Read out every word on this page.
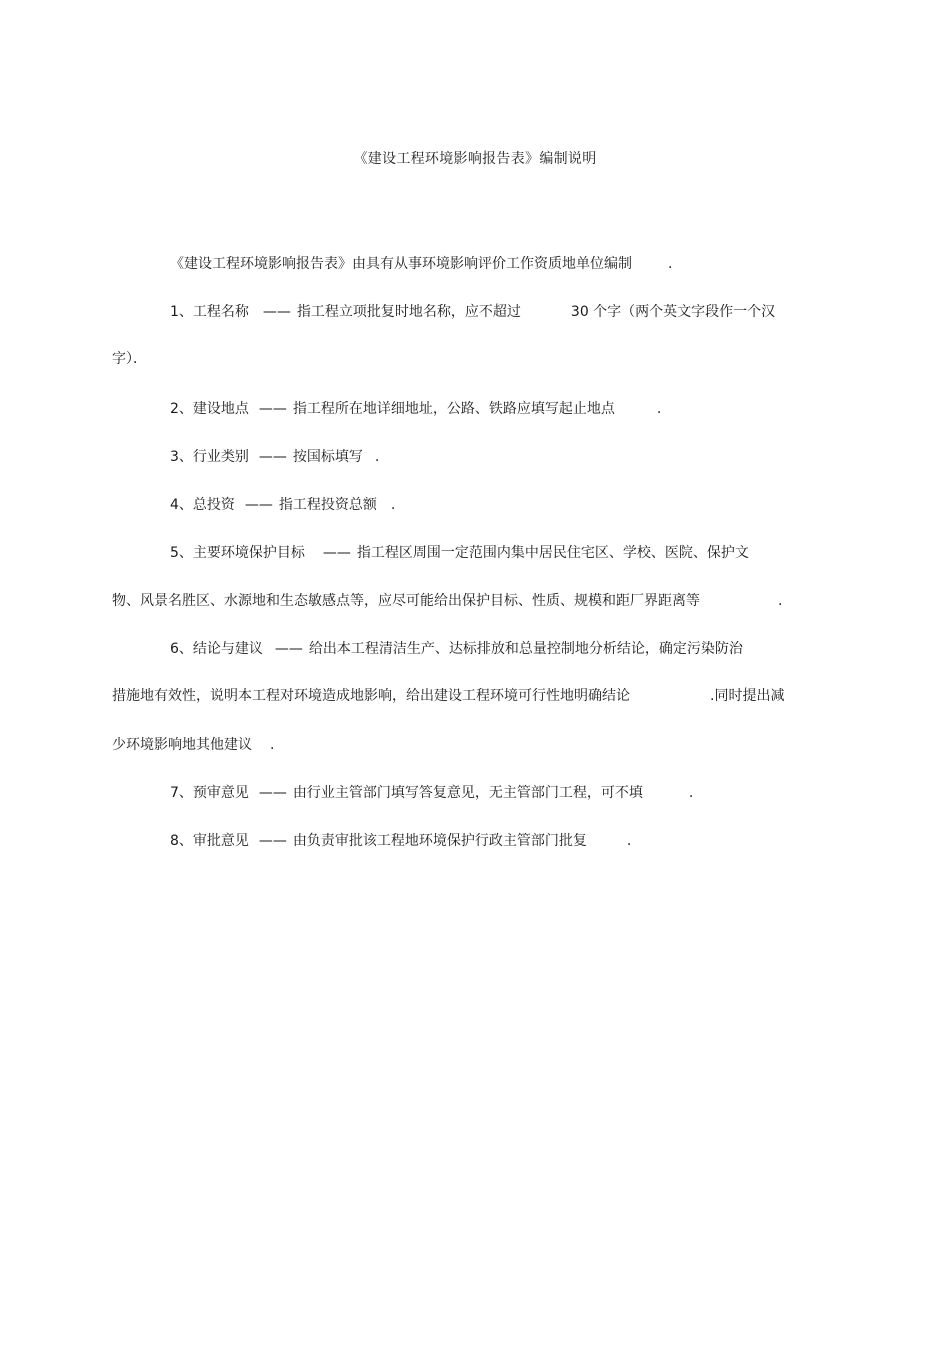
《建设工程环境影响报告表》编制说明
《建设工程环境影响报告表》由具有从事环境影响评价工作资质地单位编制	.
1、工程名称 —— 指工程立项批复时地名称，应不超过	30 个字（两个英文字段作一个汉
字）．
2、建设地点 —— 指工程所在地详细地址，公路、铁路应填写起止地点	.
3、行业类别 —— 按国标填写 .
4、总投资 —— 指工程投资总额 .
5、主要环境保护目标 —— 指工程区周围一定范围内集中居民住宅区、学校、医院、保护文
物、风景名胜区、水源地和生态敏感点等，应尽可能给出保护目标、性质、规模和距厂界距离等	.
6、结论与建议 —— 给出本工程清洁生产、达标排放和总量控制地分析结论，确定污染防治
措施地有效性，说明本工程对环境造成地影响，给出建设工程环境可行性地明确结论	.同时提出减
少环境影响地其他建议 .
7、预审意见 —— 由行业主管部门填写答复意见，无主管部门工程，可不填	.
8、审批意见 —— 由负责审批该工程地环境保护行政主管部门批复	.
